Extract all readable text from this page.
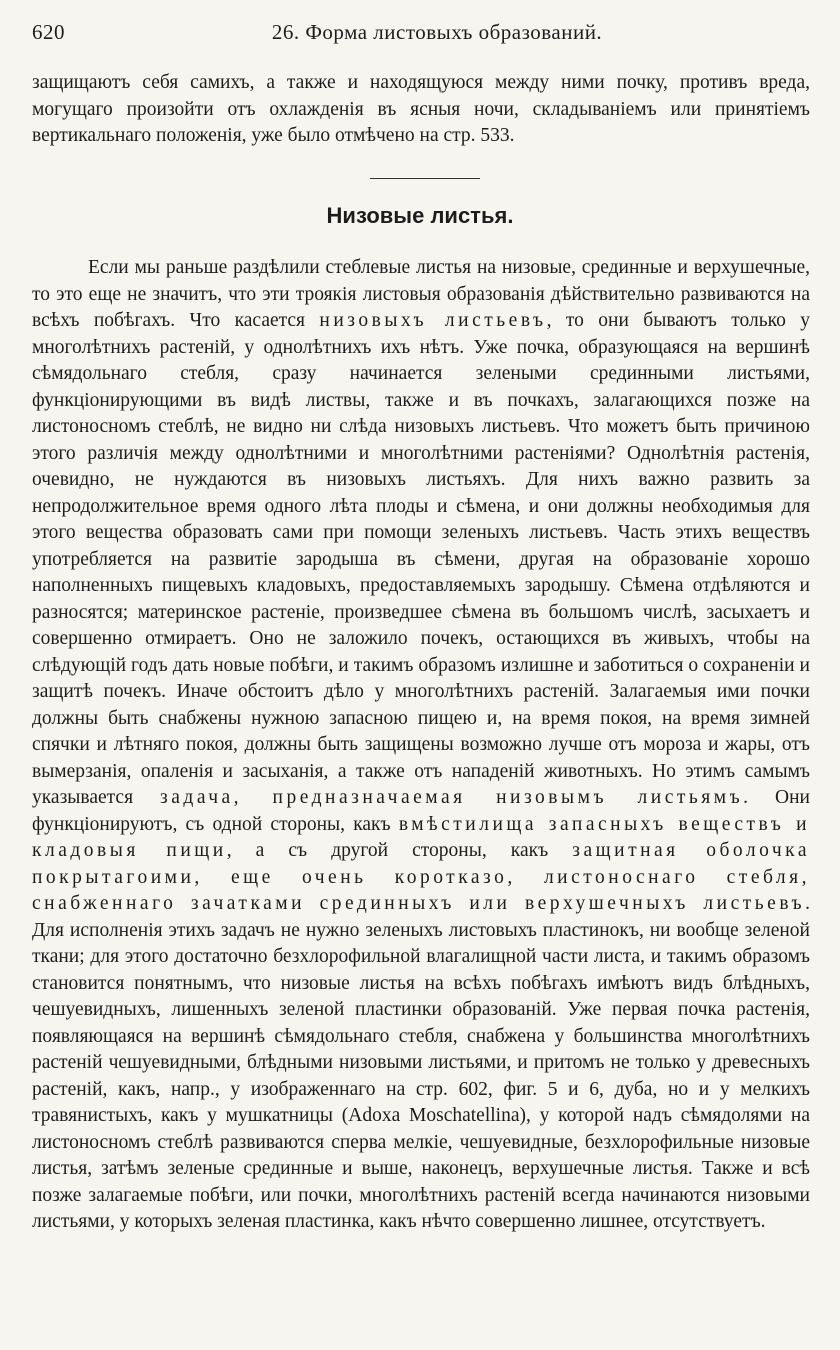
620	26. Форма листовыхъ образований.
защищаютъ себя самихъ, а также и находящуюся между ними почку, противъ вреда, могущаго произойти отъ охлажденія въ ясныя ночи, складываніемъ или принятіемъ вертикальнаго положенія, уже было отмѣчено на стр. 533.
Низовые листья.

Если мы раньше раздѣлили стеблевые листья на низовые, срединные и верхушечные, то это еще не значитъ, что эти троякія листовыя образованія дѣйствительно развиваются на всѣхъ побѣгахъ. Что касается низовыхъ листьевъ, то они бываютъ только у многолѣтнихъ растеній, у однолѣтнихъ ихъ нѣтъ. Уже почка, образующаяся на вершинѣ сѣмядольнаго стебля, сразу начинается зелеными срединными листьями, функціонирующими въ видѣ листвы, также и въ почкахъ, залагающихся позже на листоносномъ стеблѣ, не видно ни слѣда низовыхъ листьевъ. Что можетъ быть причиною этого различія между однолѣтними и многолѣтними растеніями? Однолѣтнія растенія, очевидно, не нуждаются въ низовыхъ листьяхъ. Для нихъ важно развить за непродолжительное время одного лѣта плоды и сѣмена, и они должны необходимыя для этого вещества образовать сами при помощи зеленыхъ листьевъ. Часть этихъ веществъ употребляется на развитіе зародыша въ сѣмени, другая на образованіе хорошо наполненныхъ пищевыхъ кладовыхъ, предоставляемыхъ зародышу. Сѣмена отдѣляются и разносятся; материнское растеніе, произведшее сѣмена въ большомъ числѣ, засыхаетъ и совершенно отмираетъ. Оно не заложило почекъ, остающихся въ живыхъ, чтобы на слѣдующій годъ дать новые побѣги, и такимъ образомъ излишне и заботиться о сохраненіи и защитѣ почекъ. Иначе обстоитъ дѣло у многолѣтнихъ растеній. Залагаемыя ими почки должны быть снабжены нужною запасною пищею и, на время покоя, на время зимней спячки и лѣтняго покоя, должны быть защищены возможно лучше отъ мороза и жары, отъ вымерзанія, опаленія и засыханія, а также отъ нападеній животныхъ. Но этимъ самымъ указывается задача, предназначаемая низовымъ листьямъ. Они функціонируютъ, съ одной стороны, какъ вмѣстилища запасныхъ веществъ и кладовыя пищи, а съ другой стороны, какъ защитная оболочка покрытагоими, еще очень коротказо, листоноснаго стебля, снабженнаго зачатками срединныхъ или верхушечныхъ листьевъ. Для исполненія этихъ задачъ не нужно зеленыхъ листовыхъ пластинокъ, ни вообще зеленой ткани; для этого достаточно безхлорофильной влагалищной части листа, и такимъ образомъ становится понятнымъ, что низовые листья на всѣхъ побѣгахъ имѣютъ видъ блѣдныхъ, чешуевидныхъ, лишенныхъ зеленой пластинки образованій. Уже первая почка растенія, появляющаяся на вершинѣ сѣмядольнаго стебля, снабжена у большинства многолѣтнихъ растеній чешуевидными, блѣдными низовыми листьями, и притомъ не только у древесныхъ растеній, какъ, напр., у изображеннаго на стр. 602, фиг. 5 и 6, дуба, но и у мелкихъ травянистыхъ, какъ у мушкатницы (Adoxa Moschatellina), у которой надъ сѣмядолями на листоносномъ стеблѣ развиваются сперва мелкіе, чешуевидные, безхлорофильные низовые листья, затѣмъ зеленые срединные и выше, наконецъ, верхушечные листья. Также и всѣ позже залагаемые побѣги, или почки, многолѣтнихъ растеній всегда начинаются низовыми листьями, у которыхъ зеленая пластинка, какъ нѣчто совершенно лишнее, отсутствуетъ.
